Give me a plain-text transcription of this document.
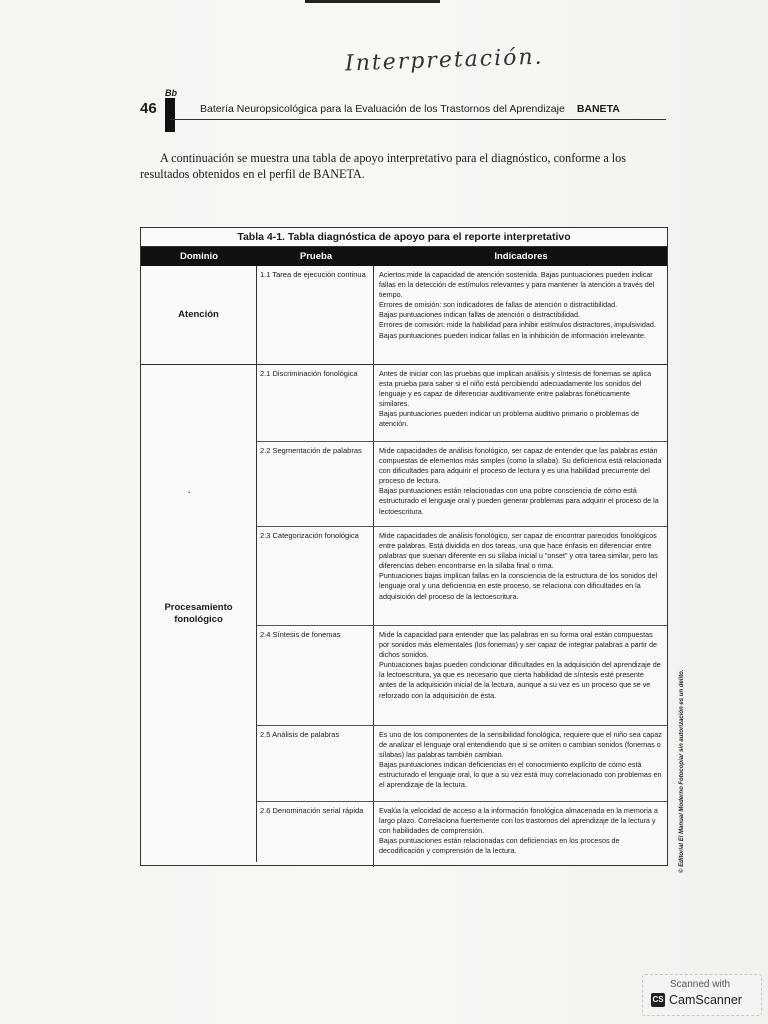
Interpretación.
46
Bb
Batería Neuropsicológica para la Evaluación de los Trastornos del Aprendizaje BANETA

A continuación se muestra una tabla de apoyo interpretativo para el diagnóstico, conforme a los resultados obtenidos en el perfil de BANETA.

Tabla 4-1. Tabla diagnóstica de apoyo para el reporte interpretativo
Dominio	Prueba	Indicadores
Atención
1.1 Tarea de ejecución continua	Aciertos:mide la capacidad de atención sostenida. Bajas puntuaciones pueden indicar fallas en la detección de estímulos relevantes y para mantener la atención a través del tiempo.
Errores de omisión: son indicadores de fallas de atención o distractibilidad.
Bajas puntuaciones indican fallas de atención o distractibilidad.
Errores de comisión: mide la habilidad para inhibir estímulos distractores, impulsividad. Bajas puntuaciones pueden indicar fallas en la inhibición de información irrelevante.
·
Procesamiento fonológico
2.1 Discriminación fonológica	Antes de iniciar con las pruebas que implican análisis y síntesis de fonemas se aplica esta prueba para saber si el niño está percibiendo adecuadamente los sonidos del lenguaje y es capaz de diferenciar auditivamente entre palabras fonéticamente similares.
Bajas puntuaciones pueden indicar un problema auditivo primario o problemas de atención.
2.2 Segmentación de palabras	Mide capacidades de análisis fonológico, ser capaz de entender que las palabras están compuestas de elementos más simples (como la sílaba). Su deficiencia está relacionada con dificultades para adquirir el proceso de lectura y es una habilidad precurrente del proceso de lectura.
Bajas puntuaciones están relacionadas con una pobre consciencia de cómo está estructurado el lenguaje oral y pueden generar problemas para adquirir el proceso de la lectoescritura.
2.3 Categorización fonológica	Mide capacidades de análisis fonológico, ser capaz de encontrar parecidos fonológicos entre palabras. Está dividida en dos tareas, una que hace énfasis en diferenciar entre palabras que suenan diferente en su sílaba inicial u "onset" y otra tarea similar, pero las diferencias deben encontrarse en la sílaba final o rima.
Puntuaciones bajas implican fallas en la consciencia de la estructura de los sonidos del lenguaje oral y una deficiencia en este proceso, se relaciona con dificultades en la adquisición del proceso de la lectoescritura.
2.4 Síntesis de fonemas	Mide la capacidad para entender que las palabras en su forma oral están compuestas por sonidos más elementales (los fonemas) y ser capaz de integrar palabras a partir de dichos sonidos.
Puntuaciones bajas pueden condicionar dificultades en la adquisición del aprendizaje de la lectoescritura, ya que es necesario que cierta habilidad de síntesis esté presente antes de la adquisición inicial de la lectura, aunque a su vez es un proceso que se ve reforzado con la adquisición de ésta.
2.5 Análisis de palabras	Es uno de los componentes de la sensibilidad fonológica, requiere que el niño sea capaz de analizar el lenguaje oral entendiendo que si se omiten o cambian sonidos (fonemas o sílabas) las palabras también cambian.
Bajas puntuaciones indican deficiencias en el conocimiento explícito de cómo está estructurado el lenguaje oral, lo que a su vez está muy correlacionado con problemas en el aprendizaje de la lectura.
2.6 Denominación serial rápida	Evalúa la velocidad de acceso a la información fonológica almacenada en la memoria a largo plazo. Correlaciona fuertemente con los trastornos del aprendizaje de la lectura y con habilidades de comprensión.
Bajas puntuaciones están relacionadas con deficiencias en los procesos de decodificación y comprensión de la lectura.	© Editorial El Manual Moderno Fotocopiar sin autorización es un delito.
Scanned with
CS CamScanner
